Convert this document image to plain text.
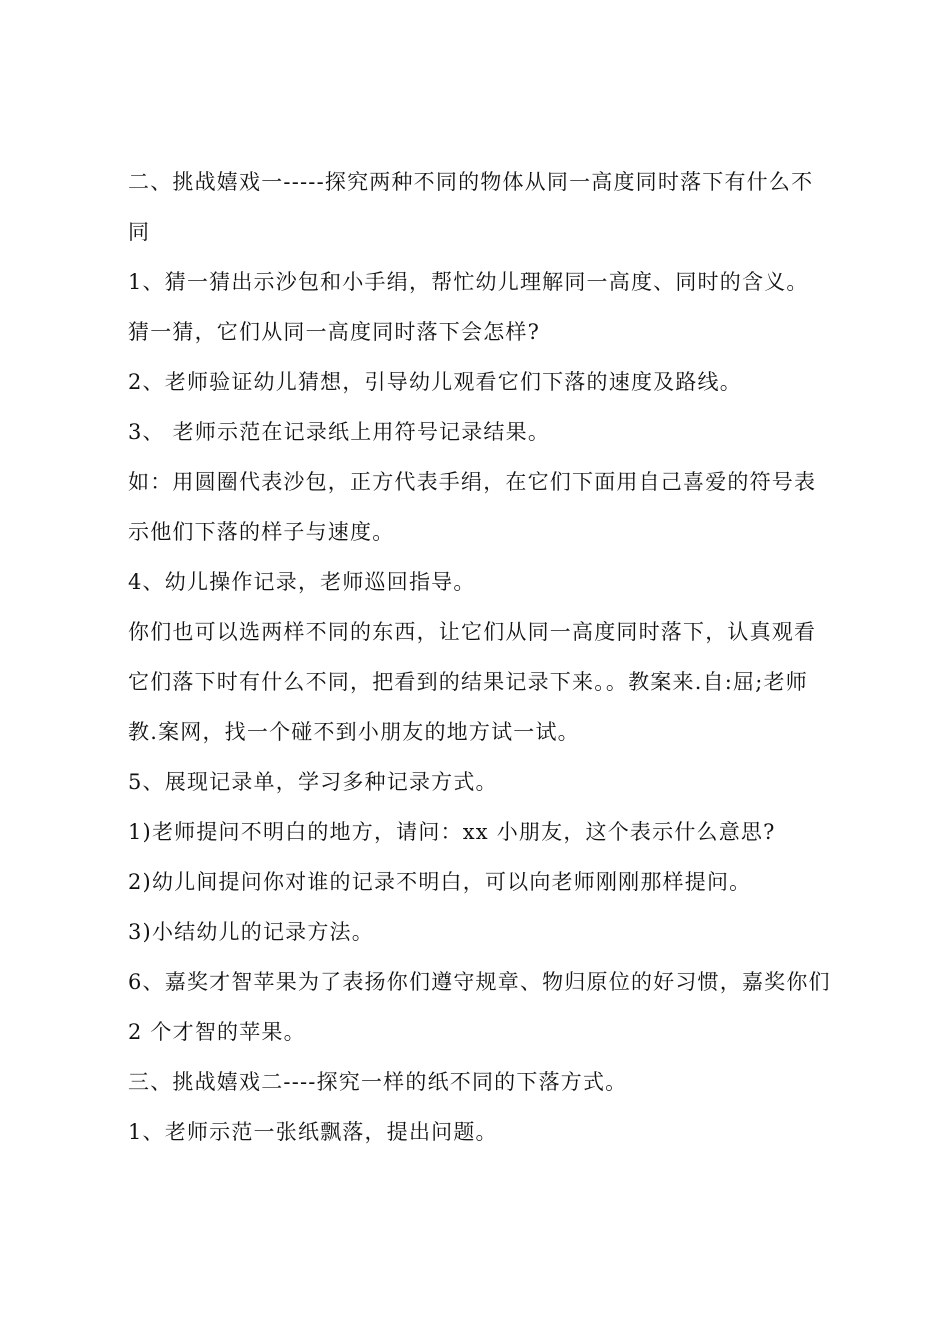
二、挑战嬉戏一-----探究两种不同的物体从同一高度同时落下有什么不
同
1、猜一猜出示沙包和小手绢，帮忙幼儿理解同一高度、同时的含义。
猜一猜，它们从同一高度同时落下会怎样?
2、老师验证幼儿猜想，引导幼儿观看它们下落的速度及路线。
3、 老师示范在记录纸上用符号记录结果。
如：用圆圈代表沙包，正方代表手绢，在它们下面用自己喜爱的符号表
示他们下落的样子与速度。
4、幼儿操作记录，老师巡回指导。
你们也可以选两样不同的东西，让它们从同一高度同时落下，认真观看
它们落下时有什么不同，把看到的结果记录下来。。教案来.自:屈;老师
教.案网，找一个碰不到小朋友的地方试一试。
5、展现记录单，学习多种记录方式。
1)老师提问不明白的地方，请问：xx 小朋友，这个表示什么意思?
2)幼儿间提问你对谁的记录不明白，可以向老师刚刚那样提问。
3)小结幼儿的记录方法。
6、嘉奖才智苹果为了表扬你们遵守规章、物归原位的好习惯，嘉奖你们
2 个才智的苹果。
三、挑战嬉戏二----探究一样的纸不同的下落方式。
1、老师示范一张纸飘落，提出问题。
